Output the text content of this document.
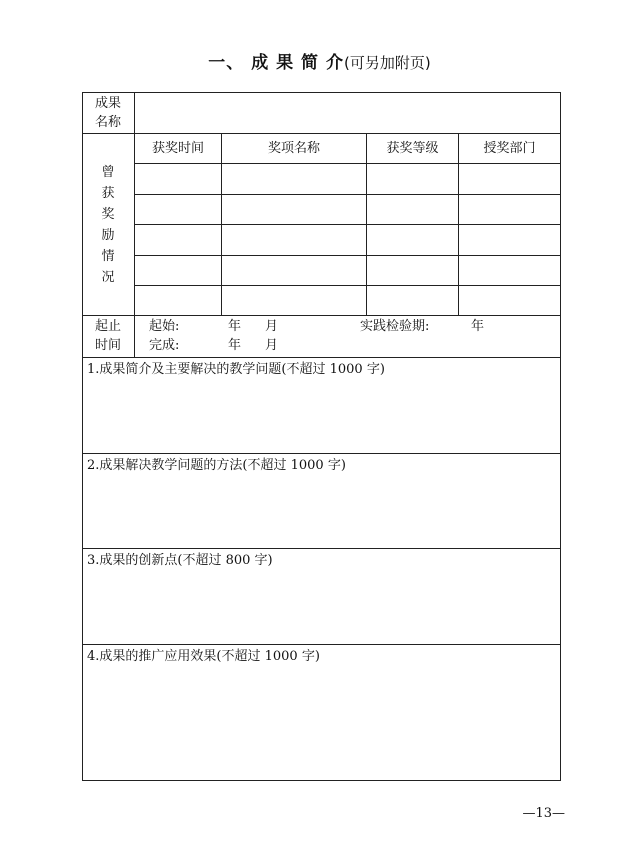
一、 成 果 简 介(可另加附页)
成果
名称
曾
获
奖
励
情
况
获奖时间	奖项名称	获奖等级	授奖部门
起止
时间
起始:	年 月	实践检验期:	年
完成:	年 月
1.成果简介及主要解决的教学问题(不超过 1000 字)
2.成果解决教学问题的方法(不超过 1000 字)
3.成果的创新点(不超过 800 字)
4.成果的推广应用效果(不超过 1000 字)
—13—
